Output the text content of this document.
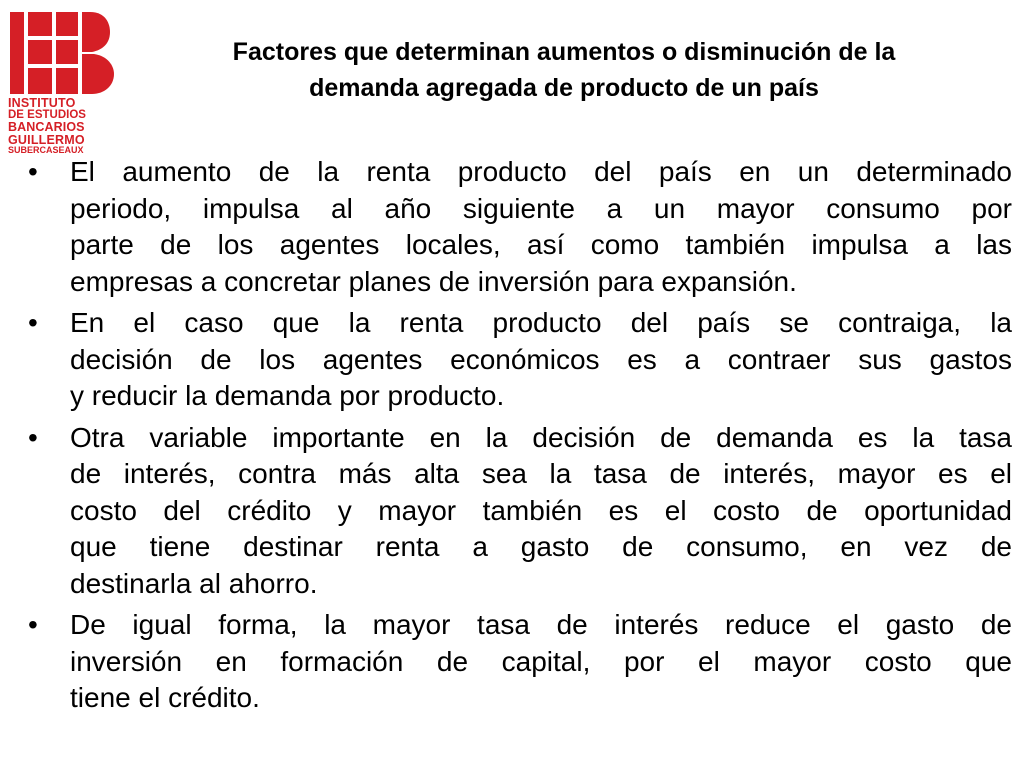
INSTITUTO
DE ESTUDIOS
BANCARIOS
GUILLERMO
SUBERCASEAUX
Factores que determinan aumentos o disminución de la
demanda agregada de producto de un país
•	El aumento de la renta producto del país en un determinado
periodo, impulsa al año siguiente a un mayor consumo por
parte de los agentes locales, así como también impulsa a las
empresas a concretar planes de inversión para expansión.
•	En el caso que la renta producto del país se contraiga, la
decisión de los agentes económicos es a contraer sus gastos
y reducir la demanda por producto.
•	Otra variable importante en la decisión de demanda es la tasa
de interés, contra más alta sea la tasa de interés, mayor es el
costo del crédito y mayor también es el costo de oportunidad
que tiene destinar renta a gasto de consumo, en vez de
destinarla al ahorro.
•	De igual forma, la mayor tasa de interés reduce el gasto de
inversión en formación de capital, por el mayor costo que
tiene el crédito.
